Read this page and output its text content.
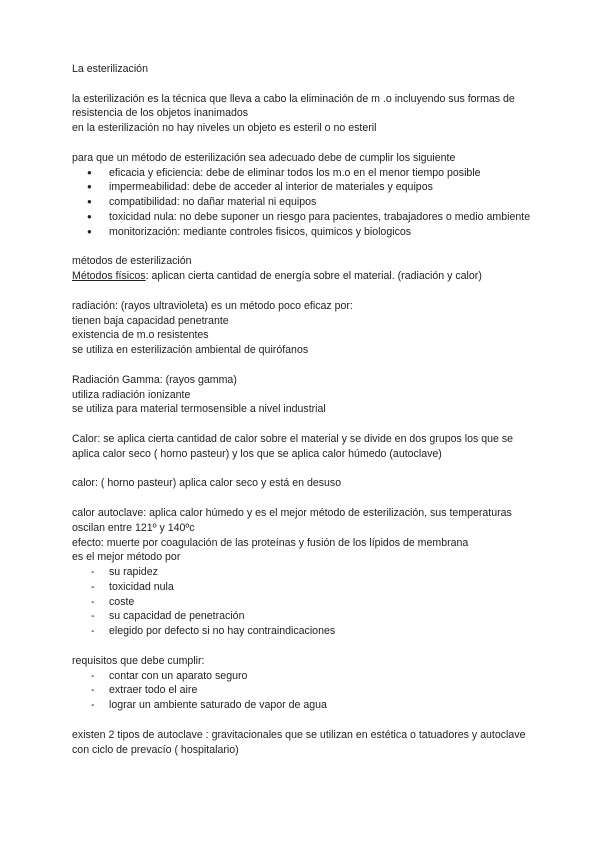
La esterilización

la esterilización es la técnica que lleva a cabo la eliminación de m .o incluyendo sus formas de resistencia de los objetos inanimados

en la esterilización no hay niveles un objeto es esteril o no esteril

para que un método de esterilización sea adecuado debe de cumplir los siguiente

● eficacia y eficiencia: debe de eliminar todos los m.o en el menor tiempo posible
● impermeabilidad: debe de acceder al interior de materiales y equipos
● compatibilidad: no dañar material ni equipos
● toxicidad nula: no debe suponer un riesgo para pacientes, trabajadores o medio ambiente
● monitorización: mediante controles fisicos, quimicos y biologicos

métodos de esterilización

Métodos físicos: aplican cierta cantidad de energía sobre el material. (radiación y calor)

radiación: (rayos ultravioleta) es un método poco eficaz por:

tienen baja capacidad penetrante

existencia de m.o resistentes

se utiliza en esterilización ambiental de quirófanos

Radiación Gamma: (rayos gamma)

utiliza radiación ionizante

se utiliza para material termosensible a nivel industrial

Calor: se aplica cierta cantidad de calor sobre el material y se divide en dos grupos los que se aplica calor seco ( horno pasteur) y los que se aplica calor húmedo (autoclave)

calor: ( horno pasteur) aplica calor seco y está en desuso

calor autoclave: aplica calor húmedo y es el mejor método de esterilización, sus temperaturas oscilan entre 121º y 140ºc

efecto: muerte por coagulación de las proteínas y fusión de los lípidos de membrana

es el mejor método por

- su rapidez
- toxicidad nula
- coste
- su capacidad de penetración
- elegido por defecto si no hay contraindicaciones

requisitos que debe cumplir:

- contar con un aparato seguro
- extraer todo el aire
- lograr un ambiente saturado de vapor de agua

existen 2 tipos de autoclave : gravitacionales que se utilizan en estética o tatuadores y autoclave con ciclo de prevacío ( hospitalario)
